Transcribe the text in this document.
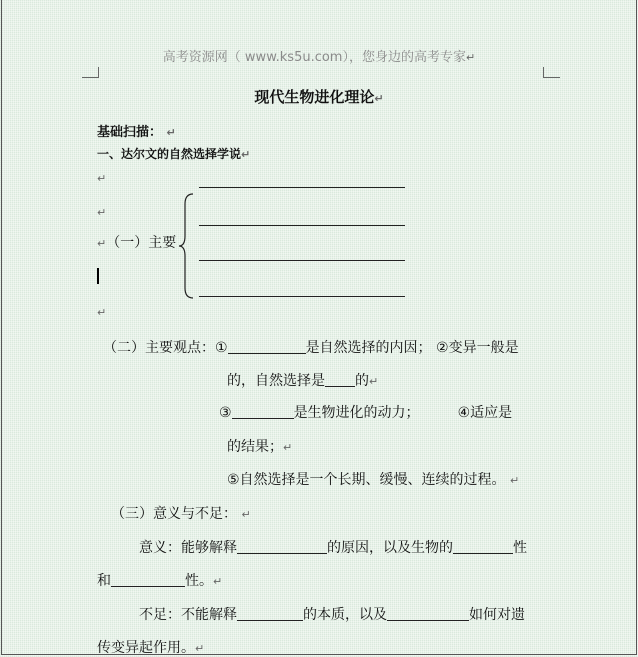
高考资源网（ www.ks5u.com），您身边的高考专家↵
现代生物进化理论↵
基础扫描： ↵
一、达尔文的自然选择学说↵
↵
↵
↵
↵（一）主要
（二）主要观点：①	是自然选择的内因； ②变异一般是
的，自然选择是 的↵
③	是生物进化的动力；	④适应是
的结果；↵
⑤自然选择是一个长期、缓慢、连续的过程。 ↵
（三）意义与不足： ↵
意义：能够解释	的原因，以及生物的	性
和	性。↵
不足：不能解释	的本质，以及	如何对遗
传变异起作用。↵
